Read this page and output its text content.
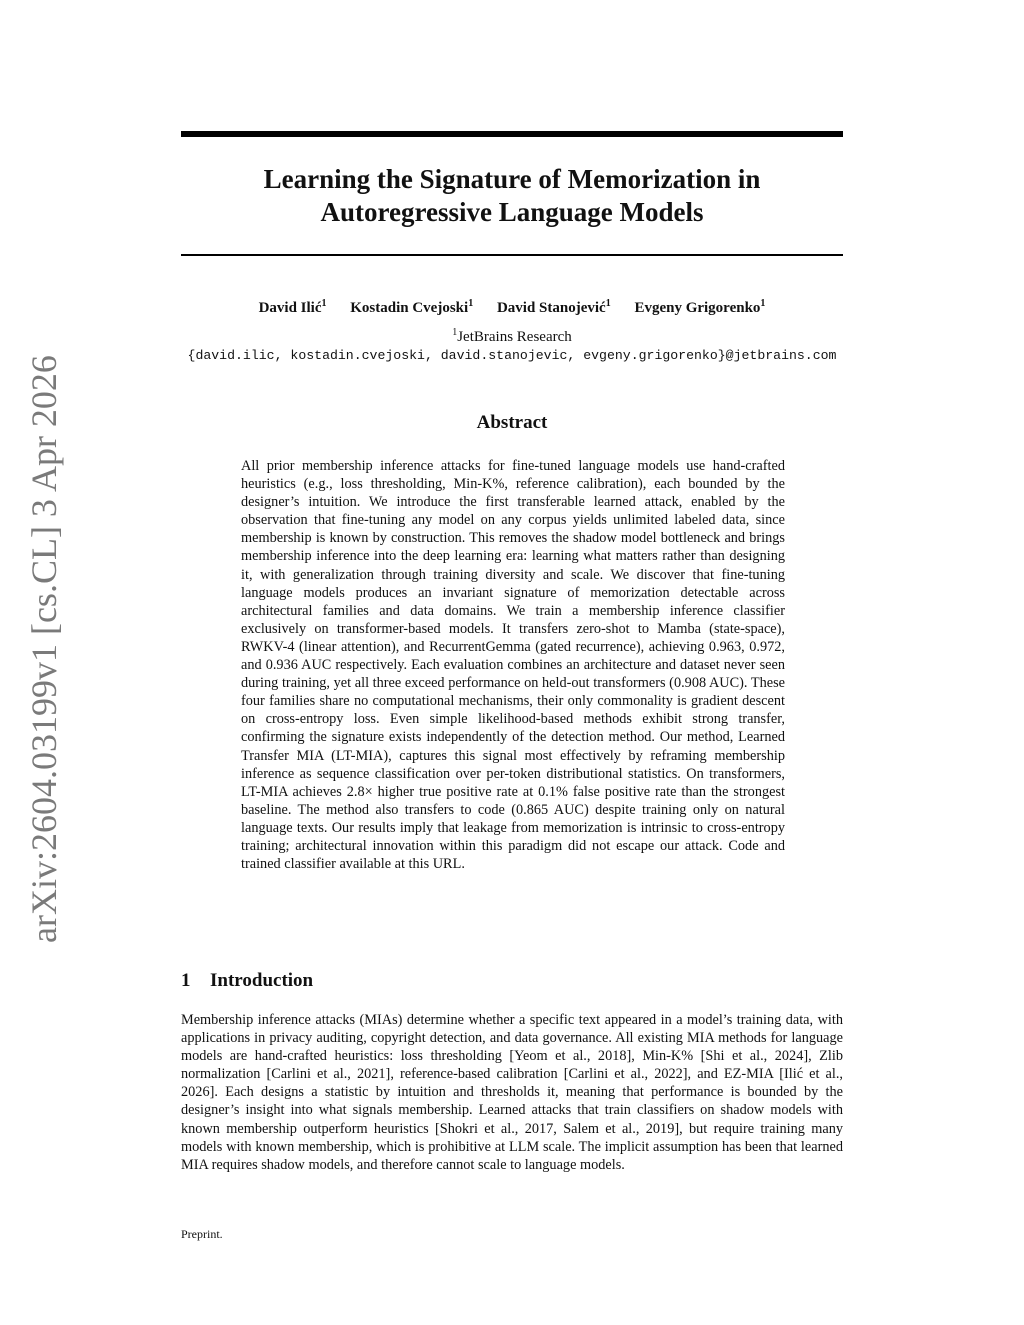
arXiv:2604.03199v1 [cs.CL] 3 Apr 2026
Learning the Signature of Memorization in
Autoregressive Language Models
David Ilić$^1$ Kostadin Cvejoski$^1$ David Stanojević$^1$ Evgeny Grigorenko$^1$
$^1$JetBrains Research
{david.ilic, kostadin.cvejoski, david.stanojevic, evgeny.grigorenko}@jetbrains.com
Abstract

All prior membership inference attacks for fine-tuned language models use hand-crafted heuristics (e.g., loss thresholding, Min-K%, reference calibration), each bounded by the designer’s intuition. We introduce the first transferable learned attack, enabled by the observation that fine-tuning any model on any corpus yields unlimited labeled data, since membership is known by construction. This removes the shadow model bottleneck and brings membership inference into the deep learning era: learning what matters rather than designing it, with generalization through training diversity and scale. We discover that fine-tuning language models produces an invariant signature of memorization detectable across architectural families and data domains. We train a membership inference classifier exclusively on transformer-based models. It transfers zero-shot to Mamba (state-space), RWKV-4 (linear attention), and RecurrentGemma (gated recurrence), achieving 0.963, 0.972, and 0.936 AUC respectively. Each evaluation combines an architecture and dataset never seen during training, yet all three exceed performance on held-out transformers (0.908 AUC). These four families share no computational mechanisms, their only commonality is gradient descent on cross-entropy loss. Even simple likelihood-based methods exhibit strong transfer, confirming the signature exists independently of the detection method. Our method, Learned Transfer MIA (LT-MIA), captures this signal most effectively by reframing membership inference as sequence classification over per-token distributional statistics. On transformers, LT-MIA achieves 2.8× higher true positive rate at 0.1% false positive rate than the strongest baseline. The method also transfers to code (0.865 AUC) despite training only on natural language texts. Our results imply that leakage from memorization is intrinsic to cross-entropy training; architectural innovation within this paradigm did not escape our attack. Code and trained classifier available at this URL.

1 Introduction

Membership inference attacks (MIAs) determine whether a specific text appeared in a model’s training data, with applications in privacy auditing, copyright detection, and data governance. All existing MIA methods for language models are hand-crafted heuristics: loss thresholding [Yeom et al., 2018], Min-K% [Shi et al., 2024], Zlib normalization [Carlini et al., 2021], reference-based calibration [Carlini et al., 2022], and EZ-MIA [Ilić et al., 2026]. Each designs a statistic by intuition and thresholds it, meaning that performance is bounded by the designer’s insight into what signals membership. Learned attacks that train classifiers on shadow models with known membership outperform heuristics [Shokri et al., 2017, Salem et al., 2019], but require training many models with known membership, which is prohibitive at LLM scale. The implicit assumption has been that learned MIA requires shadow models, and therefore cannot scale to language models.

Preprint.
